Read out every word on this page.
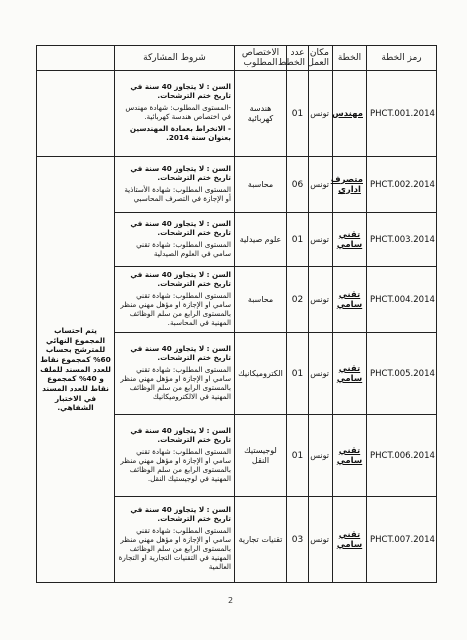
رمز الخطة	الخطة	مكان العمل	عدد الخطط	الاختصاص المطلوب	شروط المشاركة	
PHCT.001.2014	مهندس	تونس	01	هندسة كهربائية	السن : لا يتجاوز 40 سنة في تاريخ ختم الترشحات.

-المستوى المطلوب: شهادة مهندس في اختصاص هندسة كهربائية.

- الانخراط بعمادة المهندسين بعنوان سنة 2014.	

PHCT.002.2014	متصرف اداري	تونس	06	محاسبة	السن : لا يتجاوز 40 سنة في تاريخ ختم الترشحات.

المستوى المطلوب: شهادة الأستاذية أو الإجازة في التصرف المحاسبي	يتم احتساب المجموع النهائي للمترشح بحساب 60% كمجموع نقاط للعدد المسند للملف و 40% كمجموع نقاط للعدد المسند في الاختبار الشفاهي.
PHCT.003.2014	تقني سامي	تونس	01	علوم صيدلية	السن : لا يتجاوز 40 سنة في تاريخ ختم الترشحات.

المستوى المطلوب: شهادة تقني سامي في العلوم الصيدلية	

PHCT.004.2014	تقني سامي	تونس	02	محاسبة	السن : لا يتجاوز 40 سنة في تاريخ ختم الترشحات.

المستوى المطلوب: شهادة تقني سامي او الإجازة او مؤهل مهني منظر بالمستوى الرابع من سلم الوظائف المهنية في المحاسبة.	

PHCT.005.2014	تقني سامي	تونس	01	الكتروميكانيك	السن : لا يتجاوز 40 سنة في تاريخ ختم الترشحات.

المستوى المطلوب: شهادة تقني سامي او الإجازة او مؤهل مهني منظر بالمستوى الرابع من سلم الوظائف المهنية في الالكتروميكانيك	

PHCT.006.2014	تقني سامي	تونس	01	لوجيستيك النقل	السن : لا يتجاوز 40 سنة في تاريخ ختم الترشحات.

المستوى المطلوب: شهادة تقني سامي او الإجازة او مؤهل مهني منظر بالمستوى الرابع من سلم الوظائف المهنية في لوجيستيك النقل.	

PHCT.007.2014	تقني سامي	تونس	03	تقنيات تجارية	السن : لا يتجاوز 40 سنة في تاريخ ختم الترشحات.

المستوى المطلوب: شهادة تقني سامي او الإجازة او مؤهل مهني منظر بالمستوى الرابع من سلم الوظائف المهنية في التقنيات التجارية او التجارة العالمية	

2
